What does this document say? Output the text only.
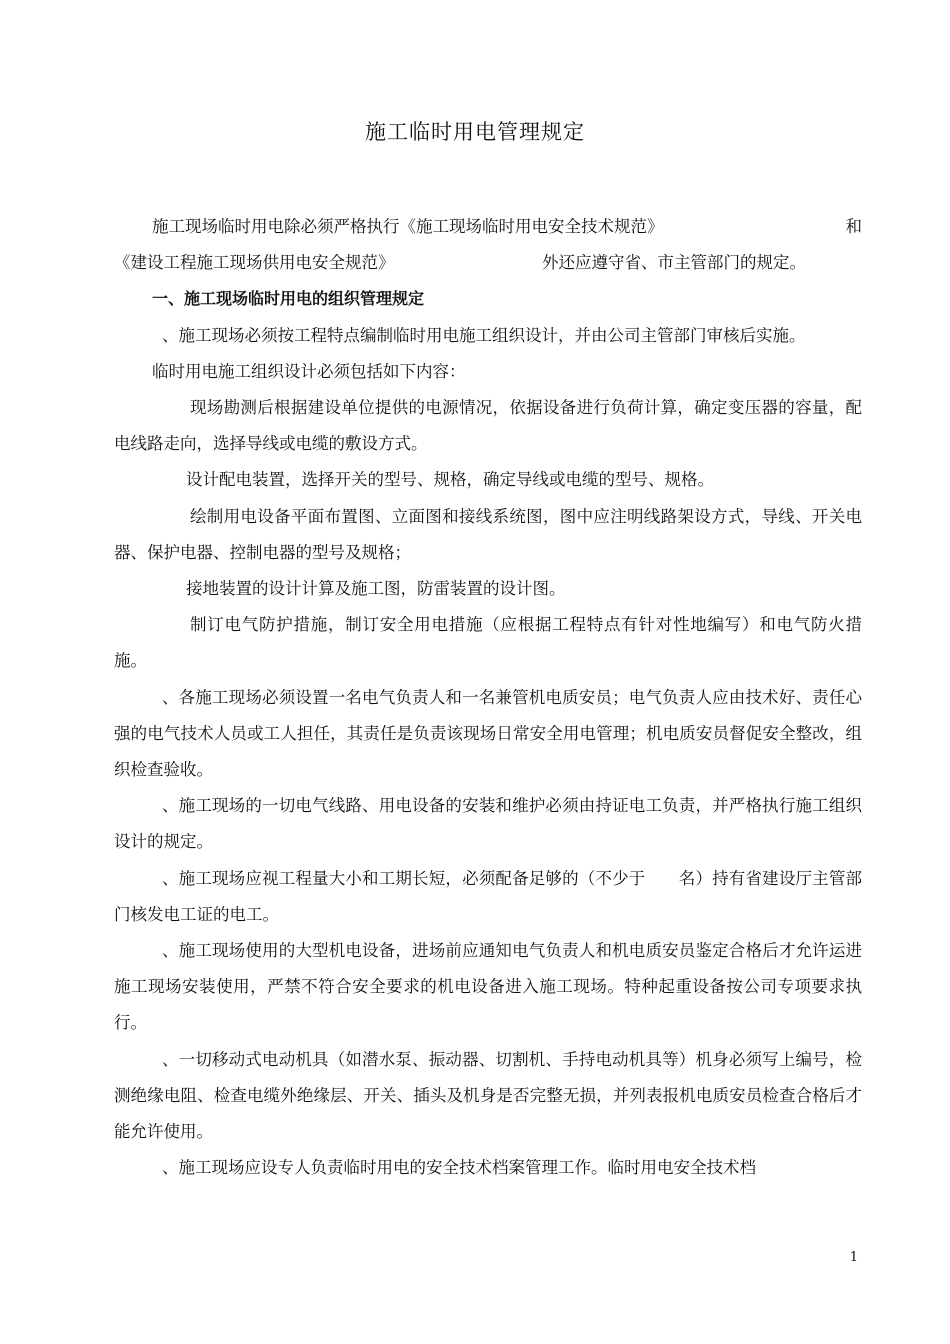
施工临时用电管理规定
施工现场临时用电除必须严格执行《施工现场临时用电安全技术规范》	和
《建设工程施工现场供用电安全规范》	外还应遵守省、市主管部门的规定。

一、施工现场临时用电的组织管理规定

、施工现场必须按工程特点编制临时用电施工组织设计，并由公司主管部门审核后实施。

临时用电施工组织设计必须包括如下内容：

现场勘测后根据建设单位提供的电源情况，依据设备进行负荷计算，确定变压器的容量，配电线路走向，选择导线或电缆的敷设方式。

设计配电装置，选择开关的型号、规格，确定导线或电缆的型号、规格。

绘制用电设备平面布置图、立面图和接线系统图，图中应注明线路架设方式，导线、开关电器、保护电器、控制电器的型号及规格；

接地装置的设计计算及施工图，防雷装置的设计图。

制订电气防护措施，制订安全用电措施（应根据工程特点有针对性地编写）和电气防火措施。

、各施工现场必须设置一名电气负责人和一名兼管机电质安员；电气负责人应由技术好、责任心强的电气技术人员或工人担任，其责任是负责该现场日常安全用电管理；机电质安员督促安全整改，组织检查验收。

、施工现场的一切电气线路、用电设备的安装和维护必须由持证电工负责，并严格执行施工组织设计的规定。

、施工现场应视工程量大小和工期长短，必须配备足够的（不少于　　名）持有省建设厅主管部门核发电工证的电工。

、施工现场使用的大型机电设备，进场前应通知电气负责人和机电质安员鉴定合格后才允许运进施工现场安装使用，严禁不符合安全要求的机电设备进入施工现场。特种起重设备按公司专项要求执行。

、一切移动式电动机具（如潜水泵、振动器、切割机、手持电动机具等）机身必须写上编号，检测绝缘电阻、检查电缆外绝缘层、开关、插头及机身是否完整无损，并列表报机电质安员检查合格后才能允许使用。

、施工现场应设专人负责临时用电的安全技术档案管理工作。临时用电安全技术档

1
